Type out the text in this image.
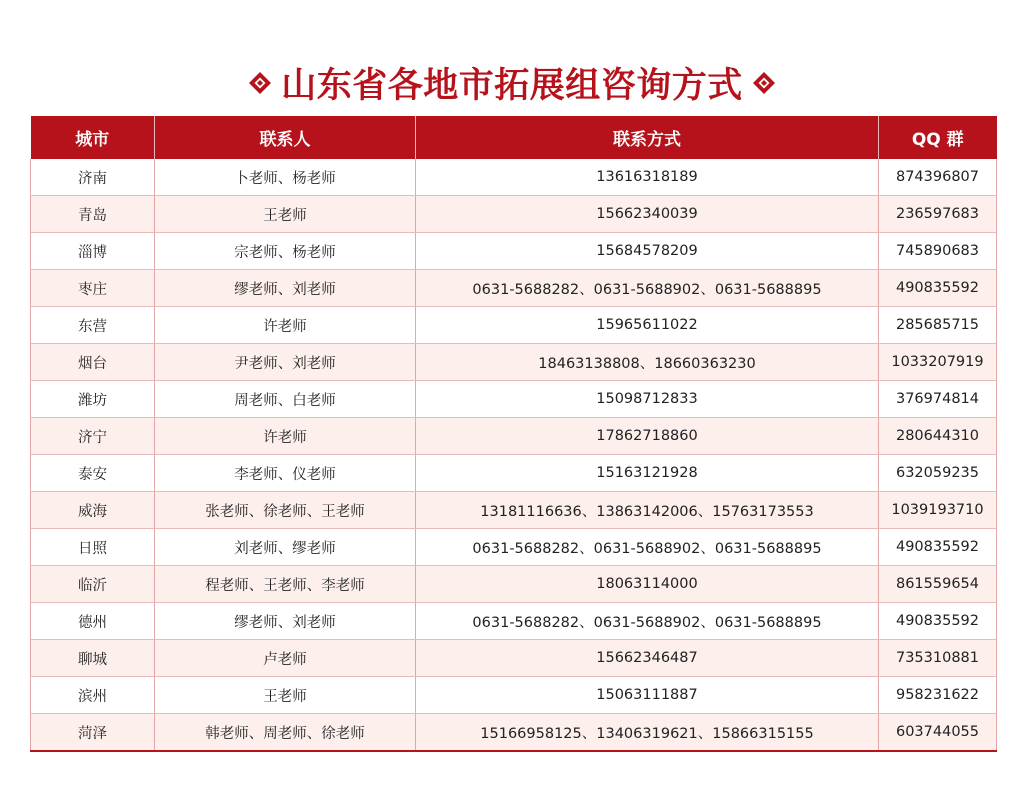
山东省各地市拓展组咨询方式
城市	联系人	联系方式	QQ 群
济南	卜老师、杨老师	13616318189	874396807
青岛	王老师	15662340039	236597683
淄博	宗老师、杨老师	15684578209	745890683
枣庄	缪老师、刘老师	0631-5688282、0631-5688902、0631-5688895	490835592
东营	许老师	15965611022	285685715
烟台	尹老师、刘老师	18463138808、18660363230	1033207919
潍坊	周老师、白老师	15098712833	376974814
济宁	许老师	17862718860	280644310
泰安	李老师、仪老师	15163121928	632059235
威海	张老师、徐老师、王老师	13181116636、13863142006、15763173553	1039193710
日照	刘老师、缪老师	0631-5688282、0631-5688902、0631-5688895	490835592
临沂	程老师、王老师、李老师	18063114000	861559654
德州	缪老师、刘老师	0631-5688282、0631-5688902、0631-5688895	490835592
聊城	卢老师	15662346487	735310881
滨州	王老师	15063111887	958231622
菏泽	韩老师、周老师、徐老师	15166958125、13406319621、15866315155	603744055
